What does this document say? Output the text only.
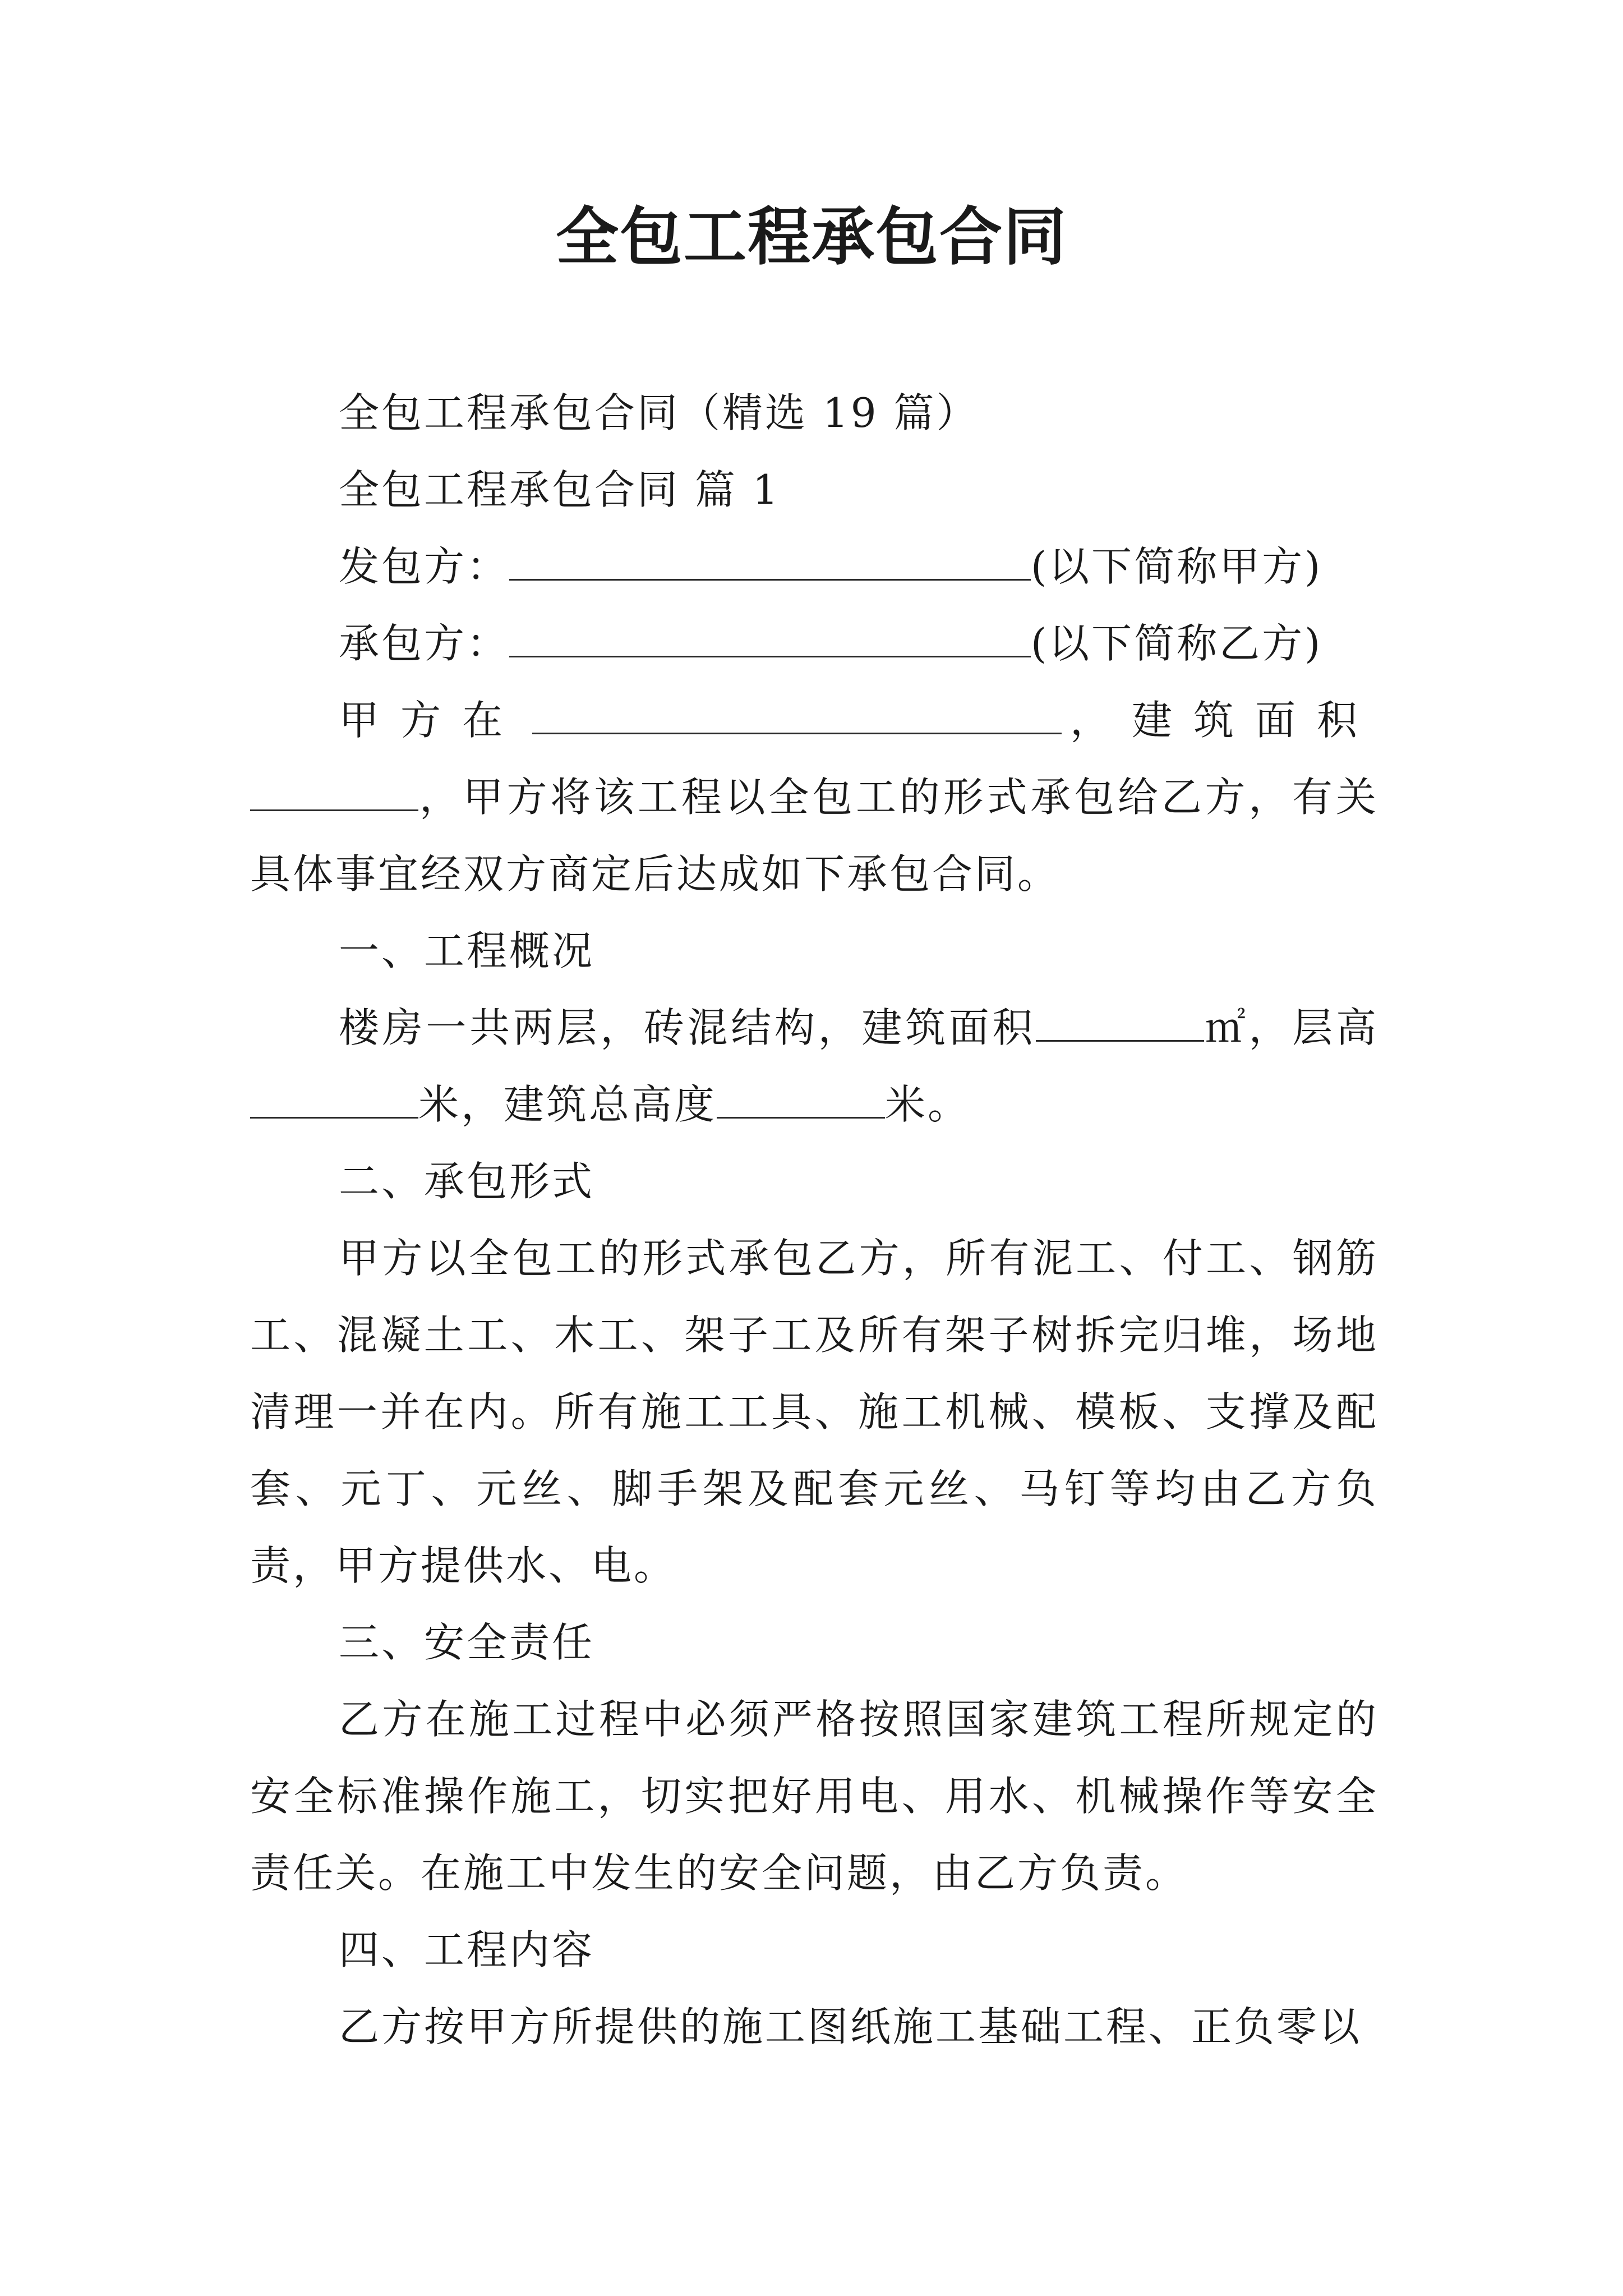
全包工程承包合同

全包工程承包合同（精选 19 篇）

全包工程承包合同 篇 1

发包方：	(以下简称甲方)

承包方：	(以下简称乙方)

甲方在	，建筑面积

，甲方将该工程以全包工的形式承包给乙方，有关具体事宜经双方商定后达成如下承包合同。

一、工程概况

楼房一共两层，砖混结构，建筑面积	㎡，层高米，建筑总高度	米。

二、承包形式

甲方以全包工的形式承包乙方，所有泥工、付工、钢筋工、混凝土工、木工、架子工及所有架子树拆完归堆，场地清理一并在内。所有施工工具、施工机械、模板、支撑及配套、元丁、元丝、脚手架及配套元丝、马钉等均由乙方负责，甲方提供水、电。

三、安全责任

乙方在施工过程中必须严格按照国家建筑工程所规定的安全标准操作施工，切实把好用电、用水、机械操作等安全责任关。在施工中发生的安全问题，由乙方负责。

四、工程内容

乙方按甲方所提供的施工图纸施工基础工程、正负零以
